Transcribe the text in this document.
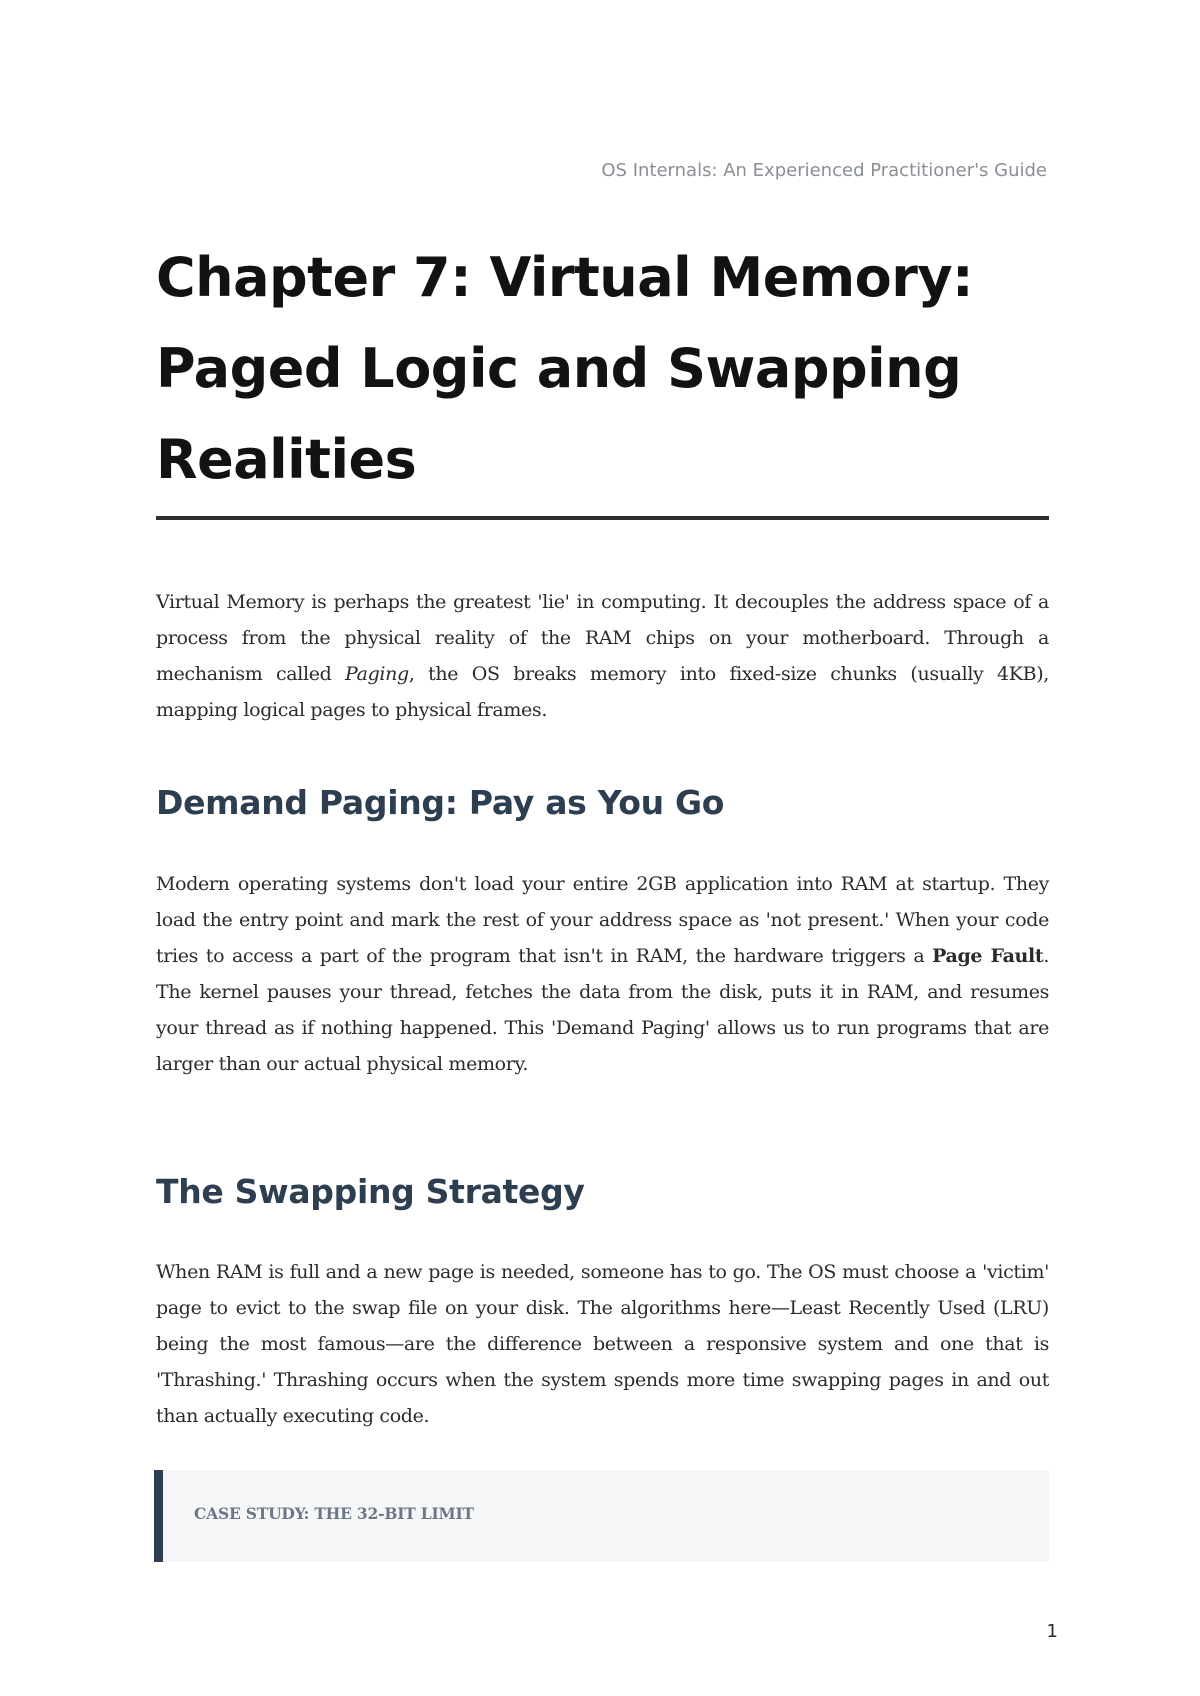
OS Internals: An Experienced Practitioner's Guide
Chapter 7: Virtual Memory: Paged Logic and Swapping Realities

Virtual Memory is perhaps the greatest 'lie' in computing. It decouples the address space of a process from the physical reality of the RAM chips on your motherboard. Through a mechanism called Paging, the OS breaks memory into fixed-size chunks (usually 4KB), mapping logical pages to physical frames.

Demand Paging: Pay as You Go

Modern operating systems don't load your entire 2GB application into RAM at startup. They load the entry point and mark the rest of your address space as 'not present.' When your code tries to access a part of the program that isn't in RAM, the hardware triggers a Page Fault. The kernel pauses your thread, fetches the data from the disk, puts it in RAM, and resumes your thread as if nothing happened. This 'Demand Paging' allows us to run programs that are larger than our actual physical memory.

The Swapping Strategy

When RAM is full and a new page is needed, someone has to go. The OS must choose a 'victim' page to evict to the swap file on your disk. The algorithms here—Least Recently Used (LRU) being the most famous—are the difference between a responsive system and one that is 'Thrashing.' Thrashing occurs when the system spends more time swapping pages in and out than actually executing code.

CASE STUDY: THE 32-BIT LIMIT
1
